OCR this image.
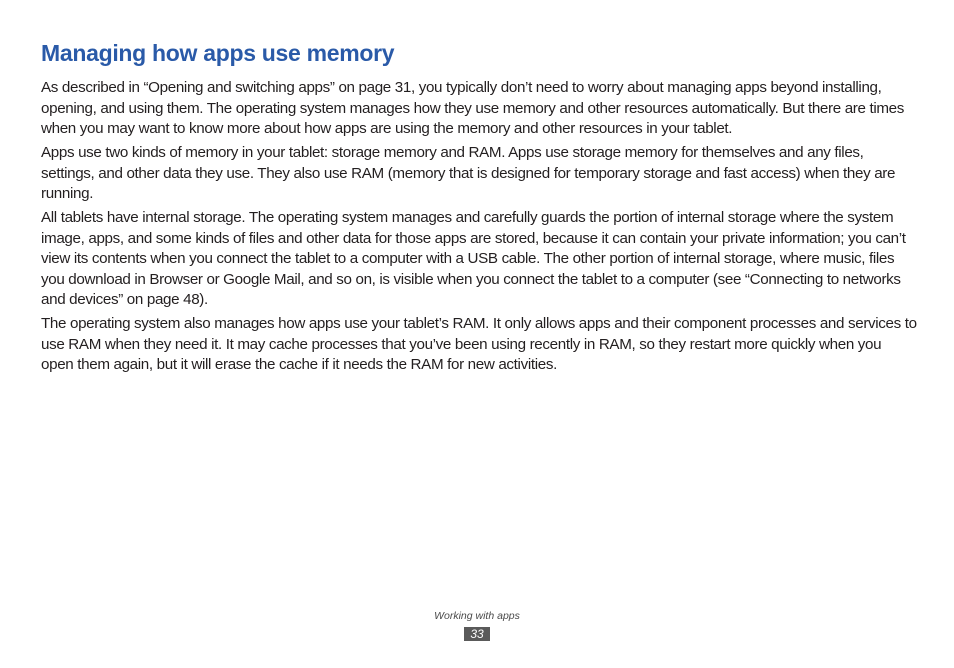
Managing how apps use memory

As described in “Opening and switching apps” on page 31, you typically don’t need to worry about managing apps beyond installing, opening, and using them. The operating system manages how they use memory and other resources automatically. But there are times when you may want to know more about how apps are using the memory and other resources in your tablet.

Apps use two kinds of memory in your tablet: storage memory and RAM. Apps use storage memory for themselves and any files, settings, and other data they use. They also use RAM (memory that is designed for temporary storage and fast access) when they are running.

All tablets have internal storage. The operating system manages and carefully guards the portion of internal storage where the system image, apps, and some kinds of files and other data for those apps are stored, because it can contain your private information; you can’t view its contents when you connect the tablet to a computer with a USB cable. The other portion of internal storage, where music, files you download in Browser or Google Mail, and so on, is visible when you connect the tablet to a computer (see “Connecting to networks and devices” on page 48).

The operating system also manages how apps use your tablet’s RAM. It only allows apps and their component processes and services to use RAM when they need it. It may cache processes that you’ve been using recently in RAM, so they restart more quickly when you open them again, but it will erase the cache if it needs the RAM for new activities.

Working with apps
33
